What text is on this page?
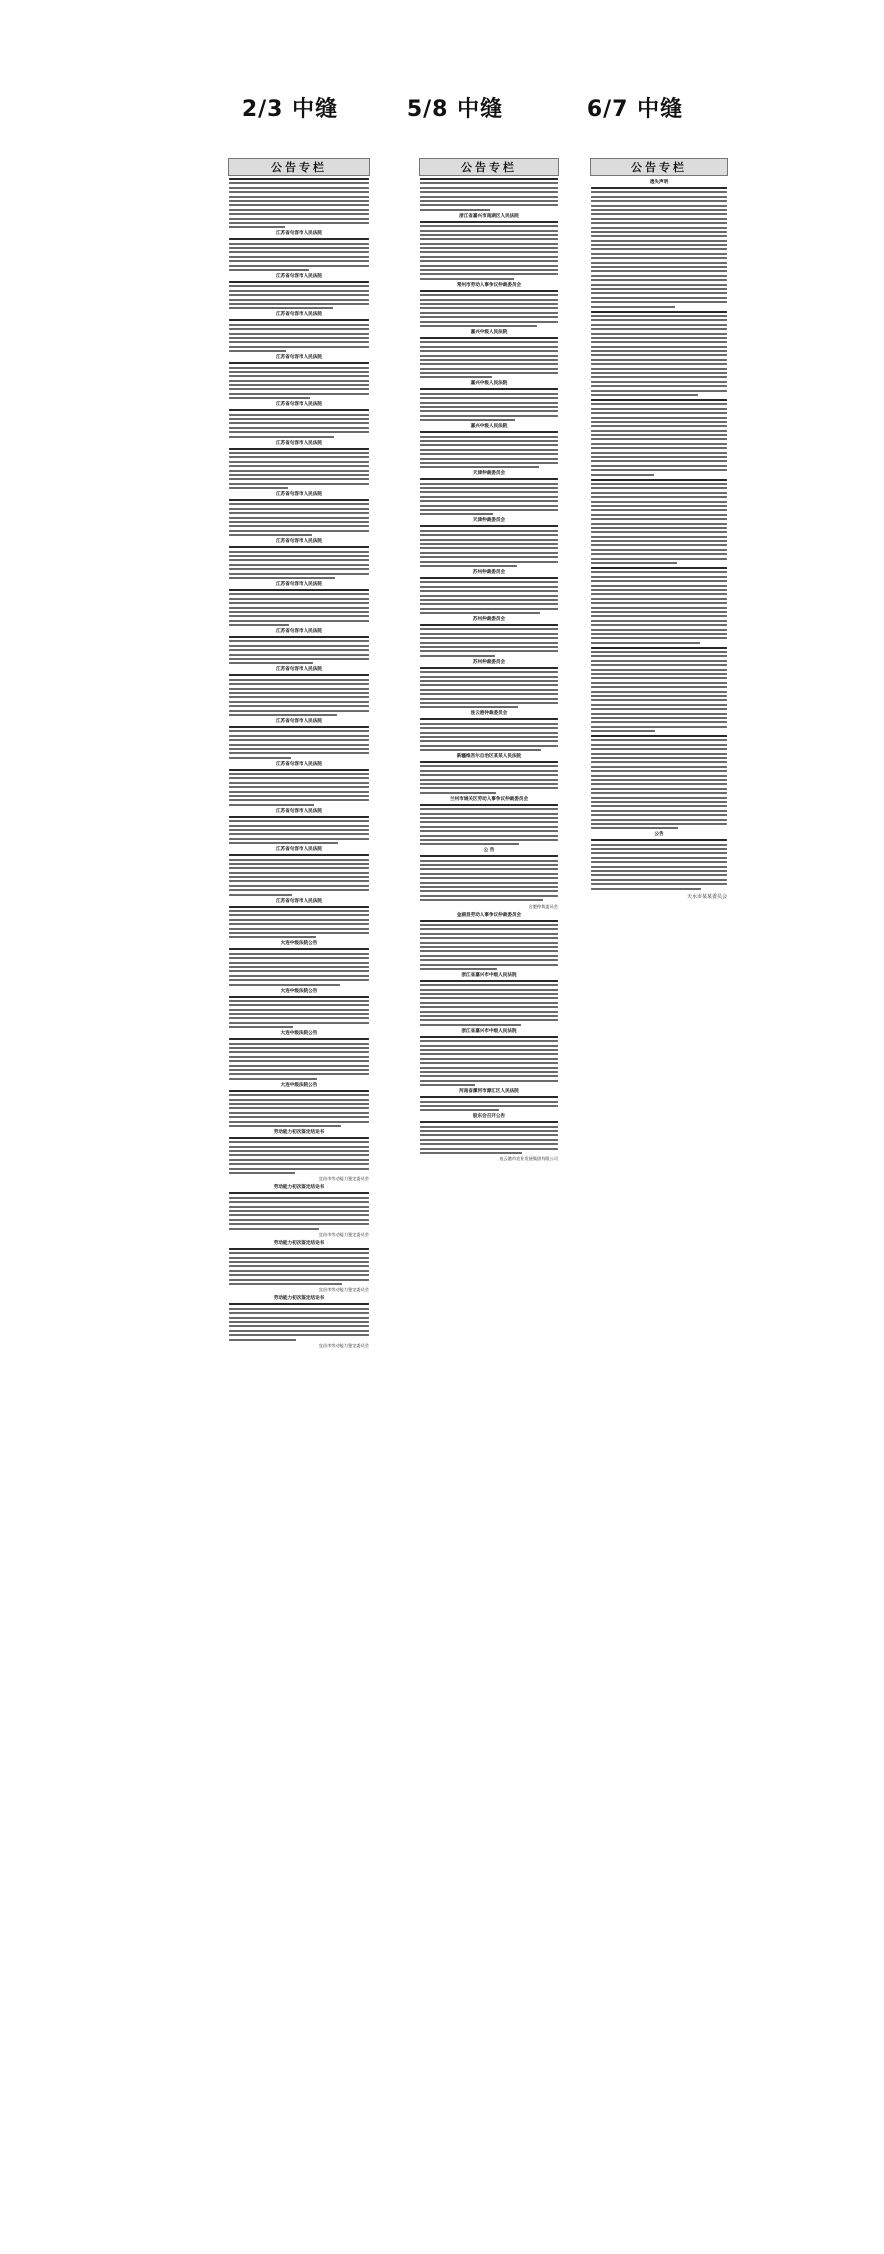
2/3 中缝	5/8 中缝	6/7 中缝
公告专栏
江苏省句容市人民法院
江苏省句容市人民法院
江苏省句容市人民法院
江苏省句容市人民法院
江苏省句容市人民法院
江苏省句容市人民法院
江苏省句容市人民法院
江苏省句容市人民法院
江苏省句容市人民法院
江苏省句容市人民法院
江苏省句容市人民法院
江苏省句容市人民法院
江苏省句容市人民法院
江苏省句容市人民法院
江苏省句容市人民法院
江苏省句容市人民法院
大连中级法院公告
大连中级法院公告
大连中级法院公告
大连中级法院公告
劳动能力初次鉴定结论书
宜昌市劳动能力鉴定委员会
劳动能力初次鉴定结论书
宜昌市劳动能力鉴定委员会
劳动能力初次鉴定结论书
宜昌市劳动能力鉴定委员会
劳动能力初次鉴定结论书
宜昌市劳动能力鉴定委员会
公告专栏
浙江省嘉兴市南湖区人民法院
常州市劳动人事争议仲裁委员会
嘉兴中级人民法院
嘉兴中级人民法院
嘉兴中级人民法院
天津仲裁委员会
天津仲裁委员会
苏州仲裁委员会
苏州仲裁委员会
苏州仲裁委员会
连云港仲裁委员会
新疆维吾尔自治区某某人民法院
兰州市城关区劳动人事争议仲裁委员会
公 告
合肥仲裁委员会
金湖县劳动人事争议仲裁委员会
浙江省嘉兴市中级人民法院
浙江省嘉兴市中级人民法院
河南省漯河市源汇区人民法院
股东会召开公告
连云港市农业发展集团有限公司
公告专栏
遗失声明
公告
天水市某某委员会
